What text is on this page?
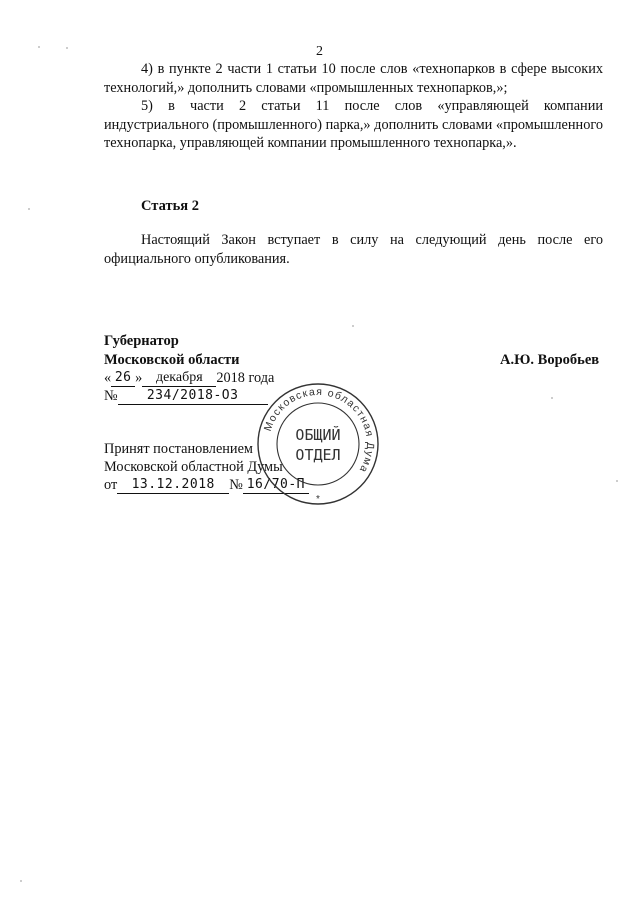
2

4) в пункте 2 части 1 статьи 10 после слов «технопарков в сфере высоких технологий,» дополнить словами «промышленных технопарков,»;

5) в части 2 статьи 11 после слов «управляющей компании индустриального (промышленного) парка,» дополнить словами «промышленного технопарка, управляющей компании промышленного технопарка,».

Статья 2

Настоящий Закон вступает в силу на следующий день после его официального опубликования.

Губернатор
Московской области	А.Ю. Воробьев
« 26 » декабря 2018 года
№ 234/2018-ОЗ
Принят постановлением
Московской областной Думы
от 13.12.2018 № 16/70-П
Московская областная Дума
ОБЩИЙ
ОТДЕЛ
*
